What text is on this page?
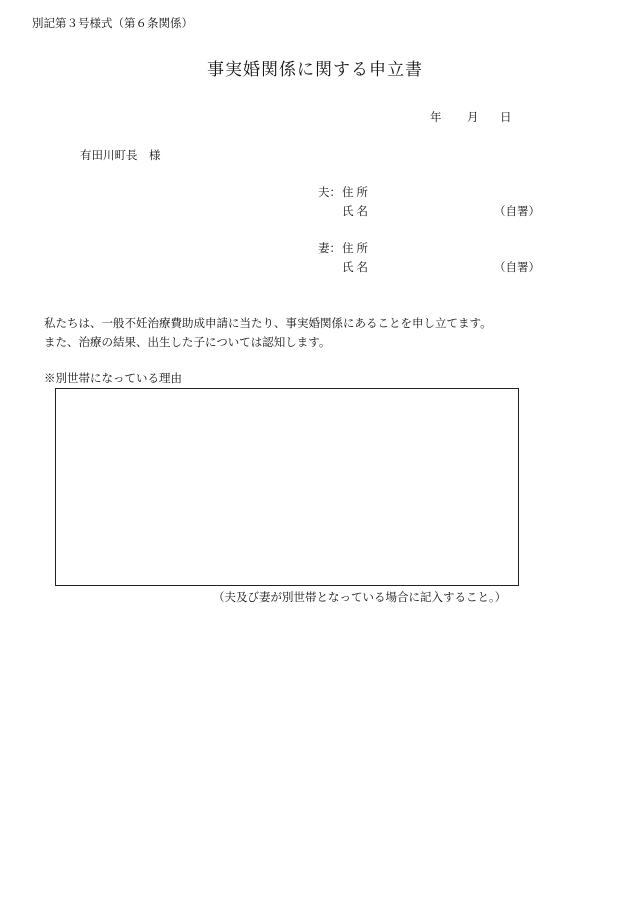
別記第３号様式（第６条関係）
事実婚関係に関する申立書
年 月 日
有田川町長　様
夫： 住所
氏名	（自署）
妻： 住所
氏名	（自署）
私たちは、一般不妊治療費助成申請に当たり、事実婚関係にあることを申し立てます。
また、治療の結果、出生した子については認知します。
※別世帯になっている理由
（夫及び妻が別世帯となっている場合に記入すること。）
